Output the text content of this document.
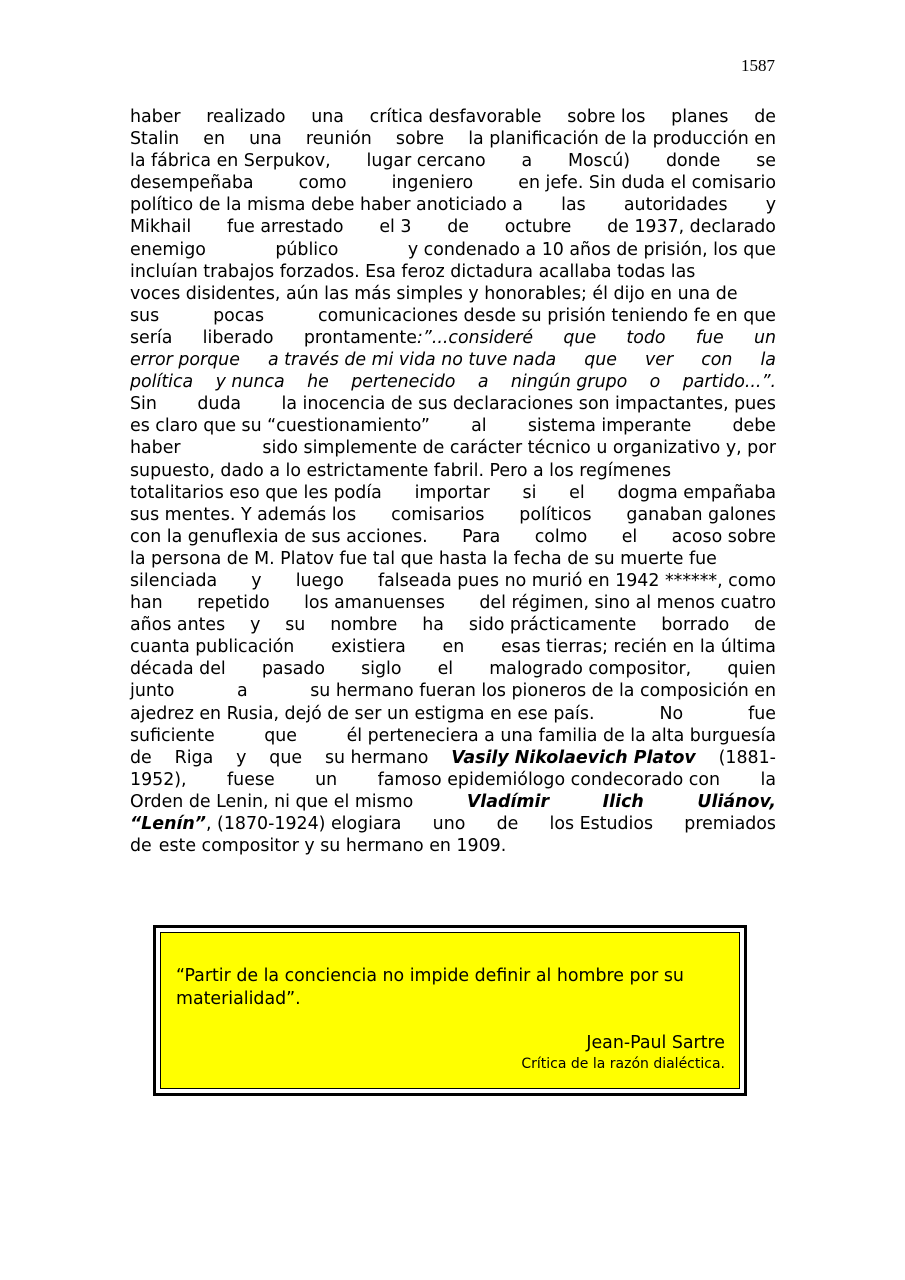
1587
haber realizado una crítica desfavorable sobre los planes de
Stalin en una reunión sobre la planificación de la producción en
la fábrica en Serpukov, lugar cercano a Moscú) donde se
desempeñaba	como	ingeniero	en jefe. Sin duda el comisario
político de la misma debe haber anoticiado a las autoridades y
Mikhail fue arrestado el 3 de octubre de 1937, declarado
enemigo	público	y condenado a 10 años de prisión, los que
incluían trabajos forzados. Esa feroz dictadura acallaba todas las
voces disidentes, aún las más simples y honorables; él dijo en una de
sus	pocas	comunicaciones desde su prisión teniendo fe en que
sería liberado prontamente:”...consideré que todo fue un
error porque a través de mi vida no tuve nada que ver con la
política y nunca he pertenecido a ningún grupo o partido...”.
Sin duda la inocencia de sus declaraciones son impactantes, pues
es claro que su “cuestionamiento” al sistema imperante debe
haber	sido simplemente de carácter técnico u organizativo y, por
supuesto, dado a lo estrictamente fabril. Pero a los regímenes
totalitarios eso que les podía importar si el dogma empañaba
sus mentes. Y además los comisarios políticos ganaban galones
con la genuflexia de sus acciones. Para colmo el acoso sobre
la persona de M. Platov fue tal que hasta la fecha de su muerte fue
silenciada y luego falseada pues no murió en 1942 ******, como
han repetido los amanuenses del régimen, sino al menos cuatro
años antes y su nombre ha sido prácticamente borrado de
cuanta publicación existiera en esas tierras; recién en la última
década del pasado siglo el malogrado compositor, quien
junto	a	su hermano fueran los pioneros de la composición en
ajedrez en Rusia, dejó de ser un estigma en ese país.	No	fue
suficiente	que	él perteneciera a una familia de la alta burguesía
de Riga y que su hermano Vasily Nikolaevich Platov (1881-
1952), fuese un famoso epidemiólogo condecorado con la
Orden de Lenin, ni que el mismo	Vladímir	Ilich	Uliánov,
“Lenín”, (1870-1924) elogiara uno de los Estudios premiados
de este compositor y su hermano en 1909.

“Partir de la conciencia no impide definir al hombre por su materialidad”.

Jean-Paul Sartre
Crítica de la razón dialéctica.
